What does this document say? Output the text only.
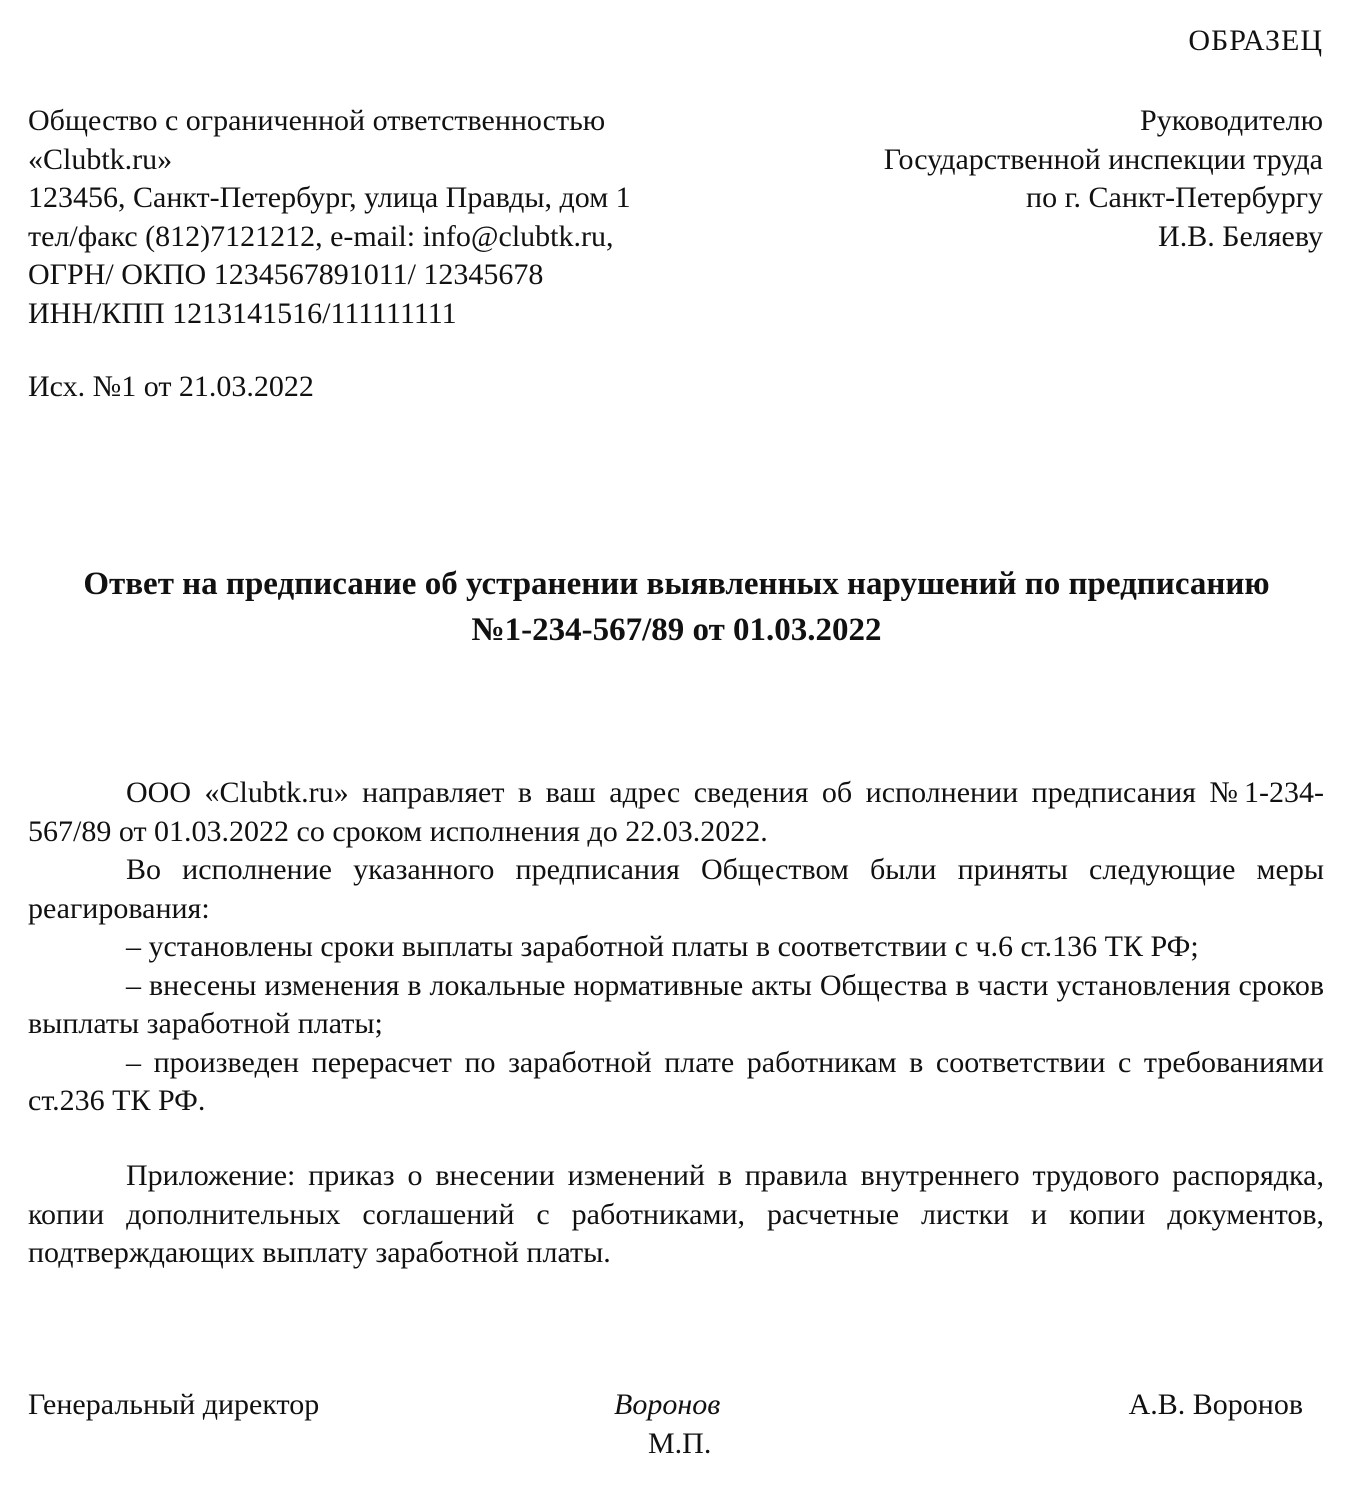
ОБРАЗЕЦ
Общество с ограниченной ответственностью
«Clubtk.ru»
123456, Санкт-Петербург, улица Правды, дом 1
тел/факс (812)7121212, e-mail: info@clubtk.ru,
ОГРН/ ОКПО 1234567891011/ 12345678
ИНН/КПП 1213141516/111111111
Руководителю
Государственной инспекции труда
по г. Санкт-Петербургу
И.В. Беляеву
Исх. №1 от 21.03.2022
Ответ на предписание об устранении выявленных нарушений по предписанию №1-234-567/89 от 01.03.2022

ООО «Clubtk.ru» направляет в ваш адрес сведения об исполнении предписания №1-234-567/89 от 01.03.2022 со сроком исполнения до 22.03.2022.

Во исполнение указанного предписания Обществом были приняты следующие меры реагирования:

– установлены сроки выплаты заработной платы в соответствии с ч.6 ст.136 ТК РФ;

– внесены изменения в локальные нормативные акты Общества в части установления сроков выплаты заработной платы;

– произведен перерасчет по заработной плате работникам в соответствии с требованиями ст.236 ТК РФ.

Приложение: приказ о внесении изменений в правила внутреннего трудового распорядка, копии дополнительных соглашений с работниками, расчетные листки и копии документов, подтверждающих выплату заработной платы.

Генеральный директор	Воронов	А.В. Воронов
М.П.
